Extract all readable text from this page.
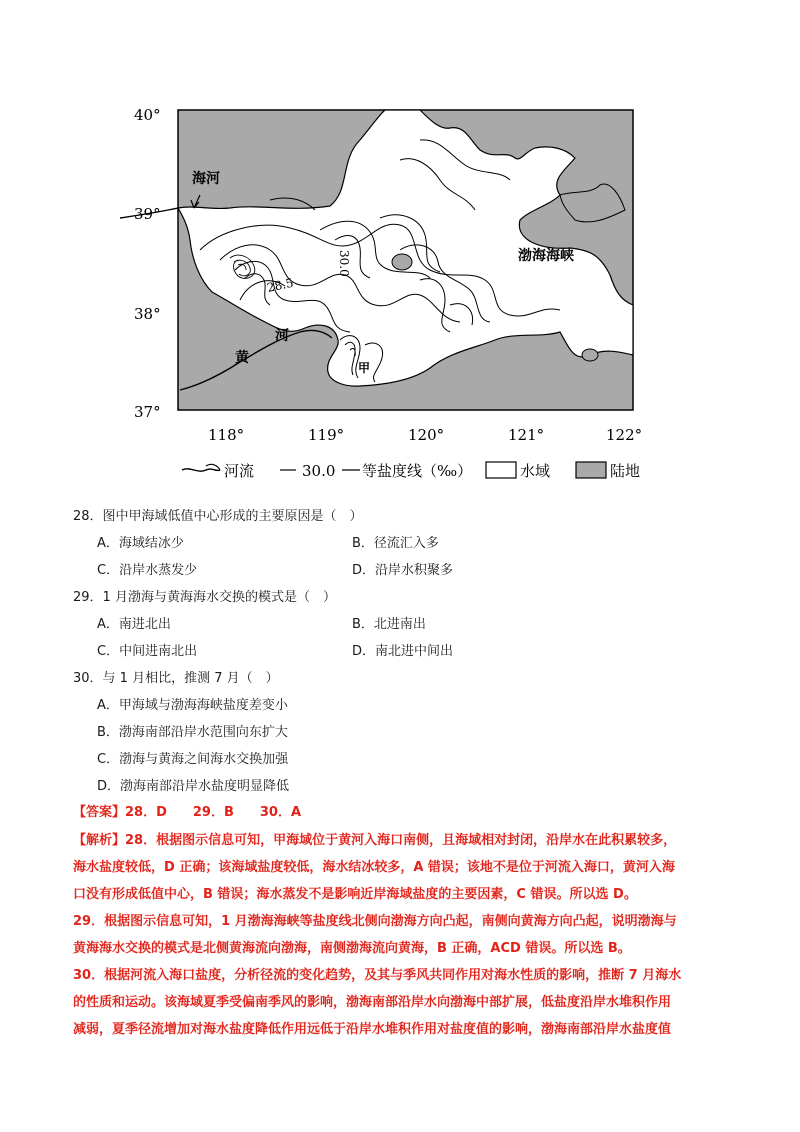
海河
渤海海峡
河
黄
甲
30.0
28.5
40°
39°
38°
37°
118°	119°	120°	121°	122°
河流	30.0 等盐度线（‰）	水域	陆地
28．图中甲海域低值中心形成的主要原因是（　）
A．海域结冰少	B．径流汇入多
C．沿岸水蒸发少	D．沿岸水积聚多
29．1 月渤海与黄海海水交换的模式是（　）
A．南进北出	B．北进南出
C．中间进南北出	D．南北进中间出
30．与 1 月相比，推测 7 月（　）
A．甲海域与渤海海峡盐度差变小
B．渤海南部沿岸水范围向东扩大
C．渤海与黄海之间海水交换加强
D．渤海南部沿岸水盐度明显降低
【答案】28．D　　29．B　　30．A
【解析】28．根据图示信息可知，甲海域位于黄河入海口南侧，且海域相对封闭，沿岸水在此积累较多，
海水盐度较低，D 正确；该海域盐度较低，海水结冰较多，A 错误；该地不是位于河流入海口，黄河入海
口没有形成低值中心，B 错误；海水蒸发不是影响近岸海域盐度的主要因素，C 错误。所以选 D。
29．根据图示信息可知，1 月渤海海峡等盐度线北侧向渤海方向凸起，南侧向黄海方向凸起，说明渤海与
黄海海水交换的模式是北侧黄海流向渤海，南侧渤海流向黄海，B 正确，ACD 错误。所以选 B。
30．根据河流入海口盐度，分析径流的变化趋势，及其与季风共同作用对海水性质的影响，推断 7 月海水
的性质和运动。该海域夏季受偏南季风的影响，渤海南部沿岸水向渤海中部扩展，低盐度沿岸水堆积作用
减弱，夏季径流增加对海水盐度降低作用远低于沿岸水堆积作用对盐度值的影响，渤海南部沿岸水盐度值
